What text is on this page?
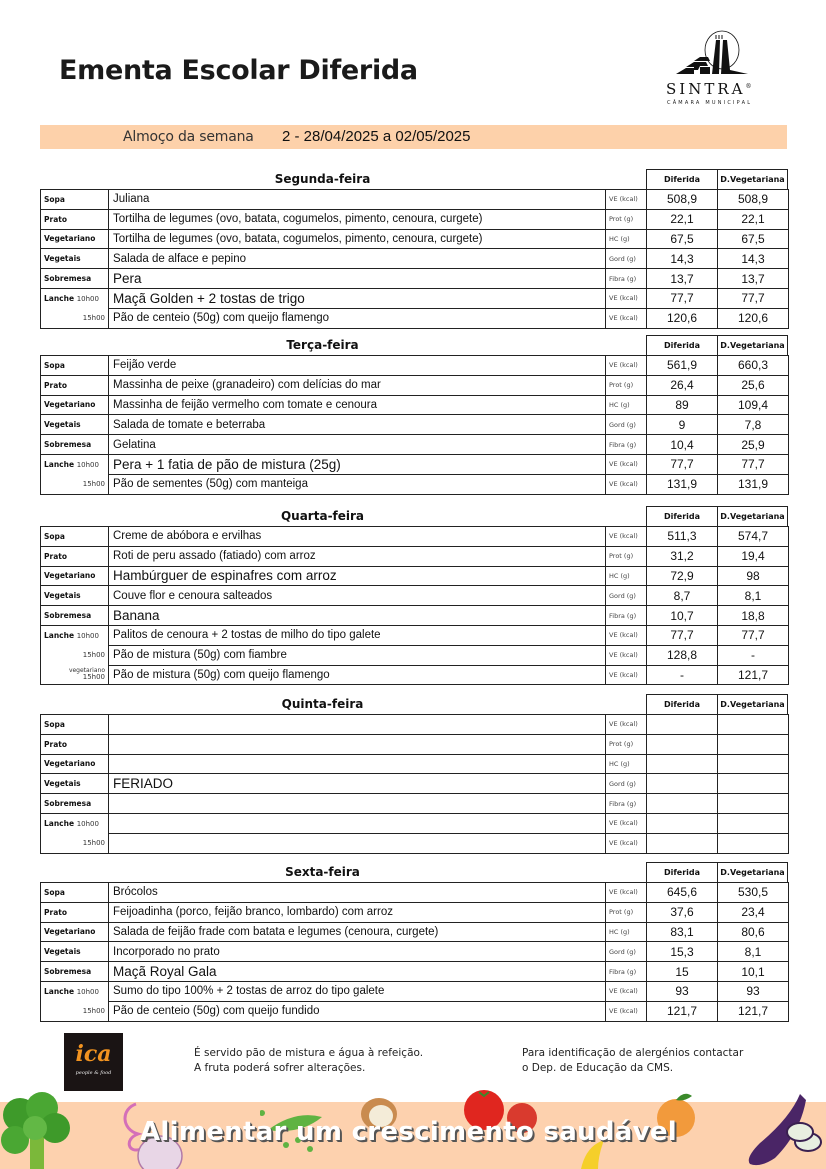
Ementa Escolar Diferida
SINTRA®
CÂMARA MUNICIPAL
Almoço da semana 2 - 28/04/2025 a 02/05/2025
Segunda-feira	Diferida	D.Vegetariana
Sopa	Juliana	VE (kcal)	508,9	508,9
Prato	Tortilha de legumes (ovo, batata, cogumelos, pimento, cenoura, curgete)	Prot (g)	22,1	22,1
Vegetariano	Tortilha de legumes (ovo, batata, cogumelos, pimento, cenoura, curgete)	HC (g)	67,5	67,5
Vegetais	Salada de alface e pepino	Gord (g)	14,3	14,3
Sobremesa	Pera	Fibra (g)	13,7	13,7
Lanche 10h00	Maçã Golden + 2 tostas de trigo	VE (kcal)	77,7	77,7
15h00	Pão de centeio (50g) com queijo flamengo	VE (kcal)	120,6	120,6
Terça-feira	Diferida	D.Vegetariana
Sopa	Feijão verde	VE (kcal)	561,9	660,3
Prato	Massinha de peixe (granadeiro) com delícias do mar	Prot (g)	26,4	25,6
Vegetariano	Massinha de feijão vermelho com tomate e cenoura	HC (g)	89	109,4
Vegetais	Salada de tomate e beterraba	Gord (g)	9	7,8
Sobremesa	Gelatina	Fibra (g)	10,4	25,9
Lanche 10h00	Pera + 1 fatia de pão de mistura (25g)	VE (kcal)	77,7	77,7
15h00	Pão de sementes (50g) com manteiga	VE (kcal)	131,9	131,9
Quarta-feira	Diferida	D.Vegetariana
Sopa	Creme de abóbora e ervilhas	VE (kcal)	511,3	574,7
Prato	Roti de peru assado (fatiado) com arroz	Prot (g)	31,2	19,4
Vegetariano	Hambúrguer de espinafres com arroz	HC (g)	72,9	98
Vegetais	Couve flor e cenoura salteados	Gord (g)	8,7	8,1
Sobremesa	Banana	Fibra (g)	10,7	18,8
Lanche 10h00	Palitos de cenoura + 2 tostas de milho do tipo galete	VE (kcal)	77,7	77,7
15h00	Pão de mistura (50g) com fiambre	VE (kcal)	128,8	-

vegetariano
15h00	Pão de mistura (50g) com queijo flamengo	VE (kcal)	-	121,7
Quinta-feira	Diferida	D.Vegetariana
Sopa		VE (kcal)		
Prato		Prot (g)		
Vegetariano		HC (g)		
Vegetais	FERIADO	Gord (g)		
Sobremesa		Fibra (g)		
Lanche 10h00		VE (kcal)		
15h00		VE (kcal)		
Sexta-feira	Diferida	D.Vegetariana
Sopa	Brócolos	VE (kcal)	645,6	530,5
Prato	Feijoadinha (porco, feijão branco, lombardo) com arroz	Prot (g)	37,6	23,4
Vegetariano	Salada de feijão frade com batata e legumes (cenoura, curgete)	HC (g)	83,1	80,6
Vegetais	Incorporado no prato	Gord (g)	15,3	8,1
Sobremesa	Maçã Royal Gala	Fibra (g)	15	10,1
Lanche 10h00	Sumo do tipo 100% + 2 tostas de arroz do tipo galete	VE (kcal)	93	93
15h00	Pão de centeio (50g) com queijo fundido	VE (kcal)	121,7	121,7
ica
people & food
É servido pão de mistura e água à refeição.
A fruta poderá sofrer alterações.
Para identificação de alergénios contactar
o Dep. de Educação da CMS.
Alimentar um crescimento saudável
